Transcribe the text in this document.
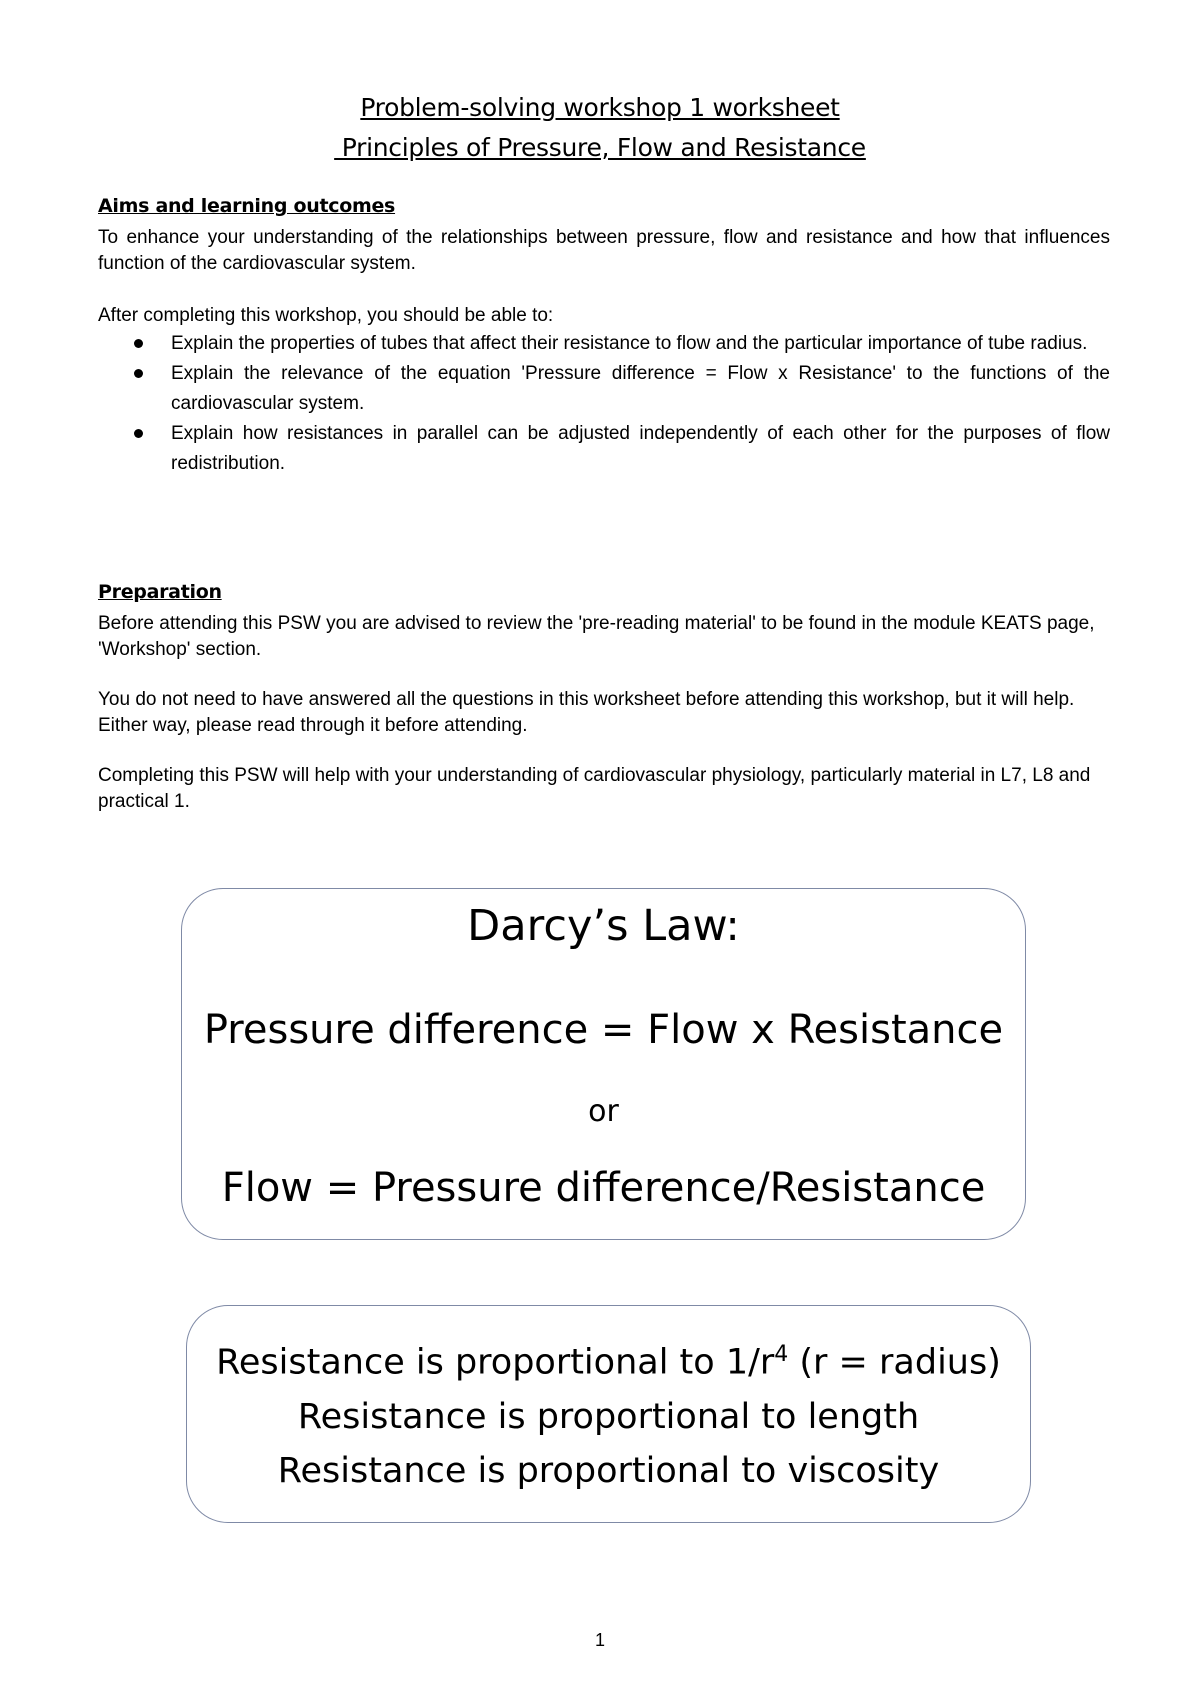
Problem-solving workshop 1 worksheet
Principles of Pressure, Flow and Resistance
Aims and learning outcomes

To enhance your understanding of the relationships between pressure, flow and resistance and how that influences function of the cardiovascular system.

After completing this workshop, you should be able to:

Explain the properties of tubes that affect their resistance to flow and the particular importance of tube radius.
Explain the relevance of the equation 'Pressure difference = Flow x Resistance' to the functions of the cardiovascular system.
Explain how resistances in parallel can be adjusted independently of each other for the purposes of flow redistribution.
Preparation

Before attending this PSW you are advised to review the 'pre-reading material' to be found in the module KEATS page, 'Workshop' section.

You do not need to have answered all the questions in this worksheet before attending this workshop, but it will help. Either way, please read through it before attending.

Completing this PSW will help with your understanding of cardiovascular physiology, particularly material in L7, L8 and practical 1.

Darcy’s Law:
Pressure difference = Flow x Resistance
or
Flow = Pressure difference/Resistance
Resistance is proportional to $1/r^4$ (r = radius)
Resistance is proportional to length
Resistance is proportional to viscosity
1
